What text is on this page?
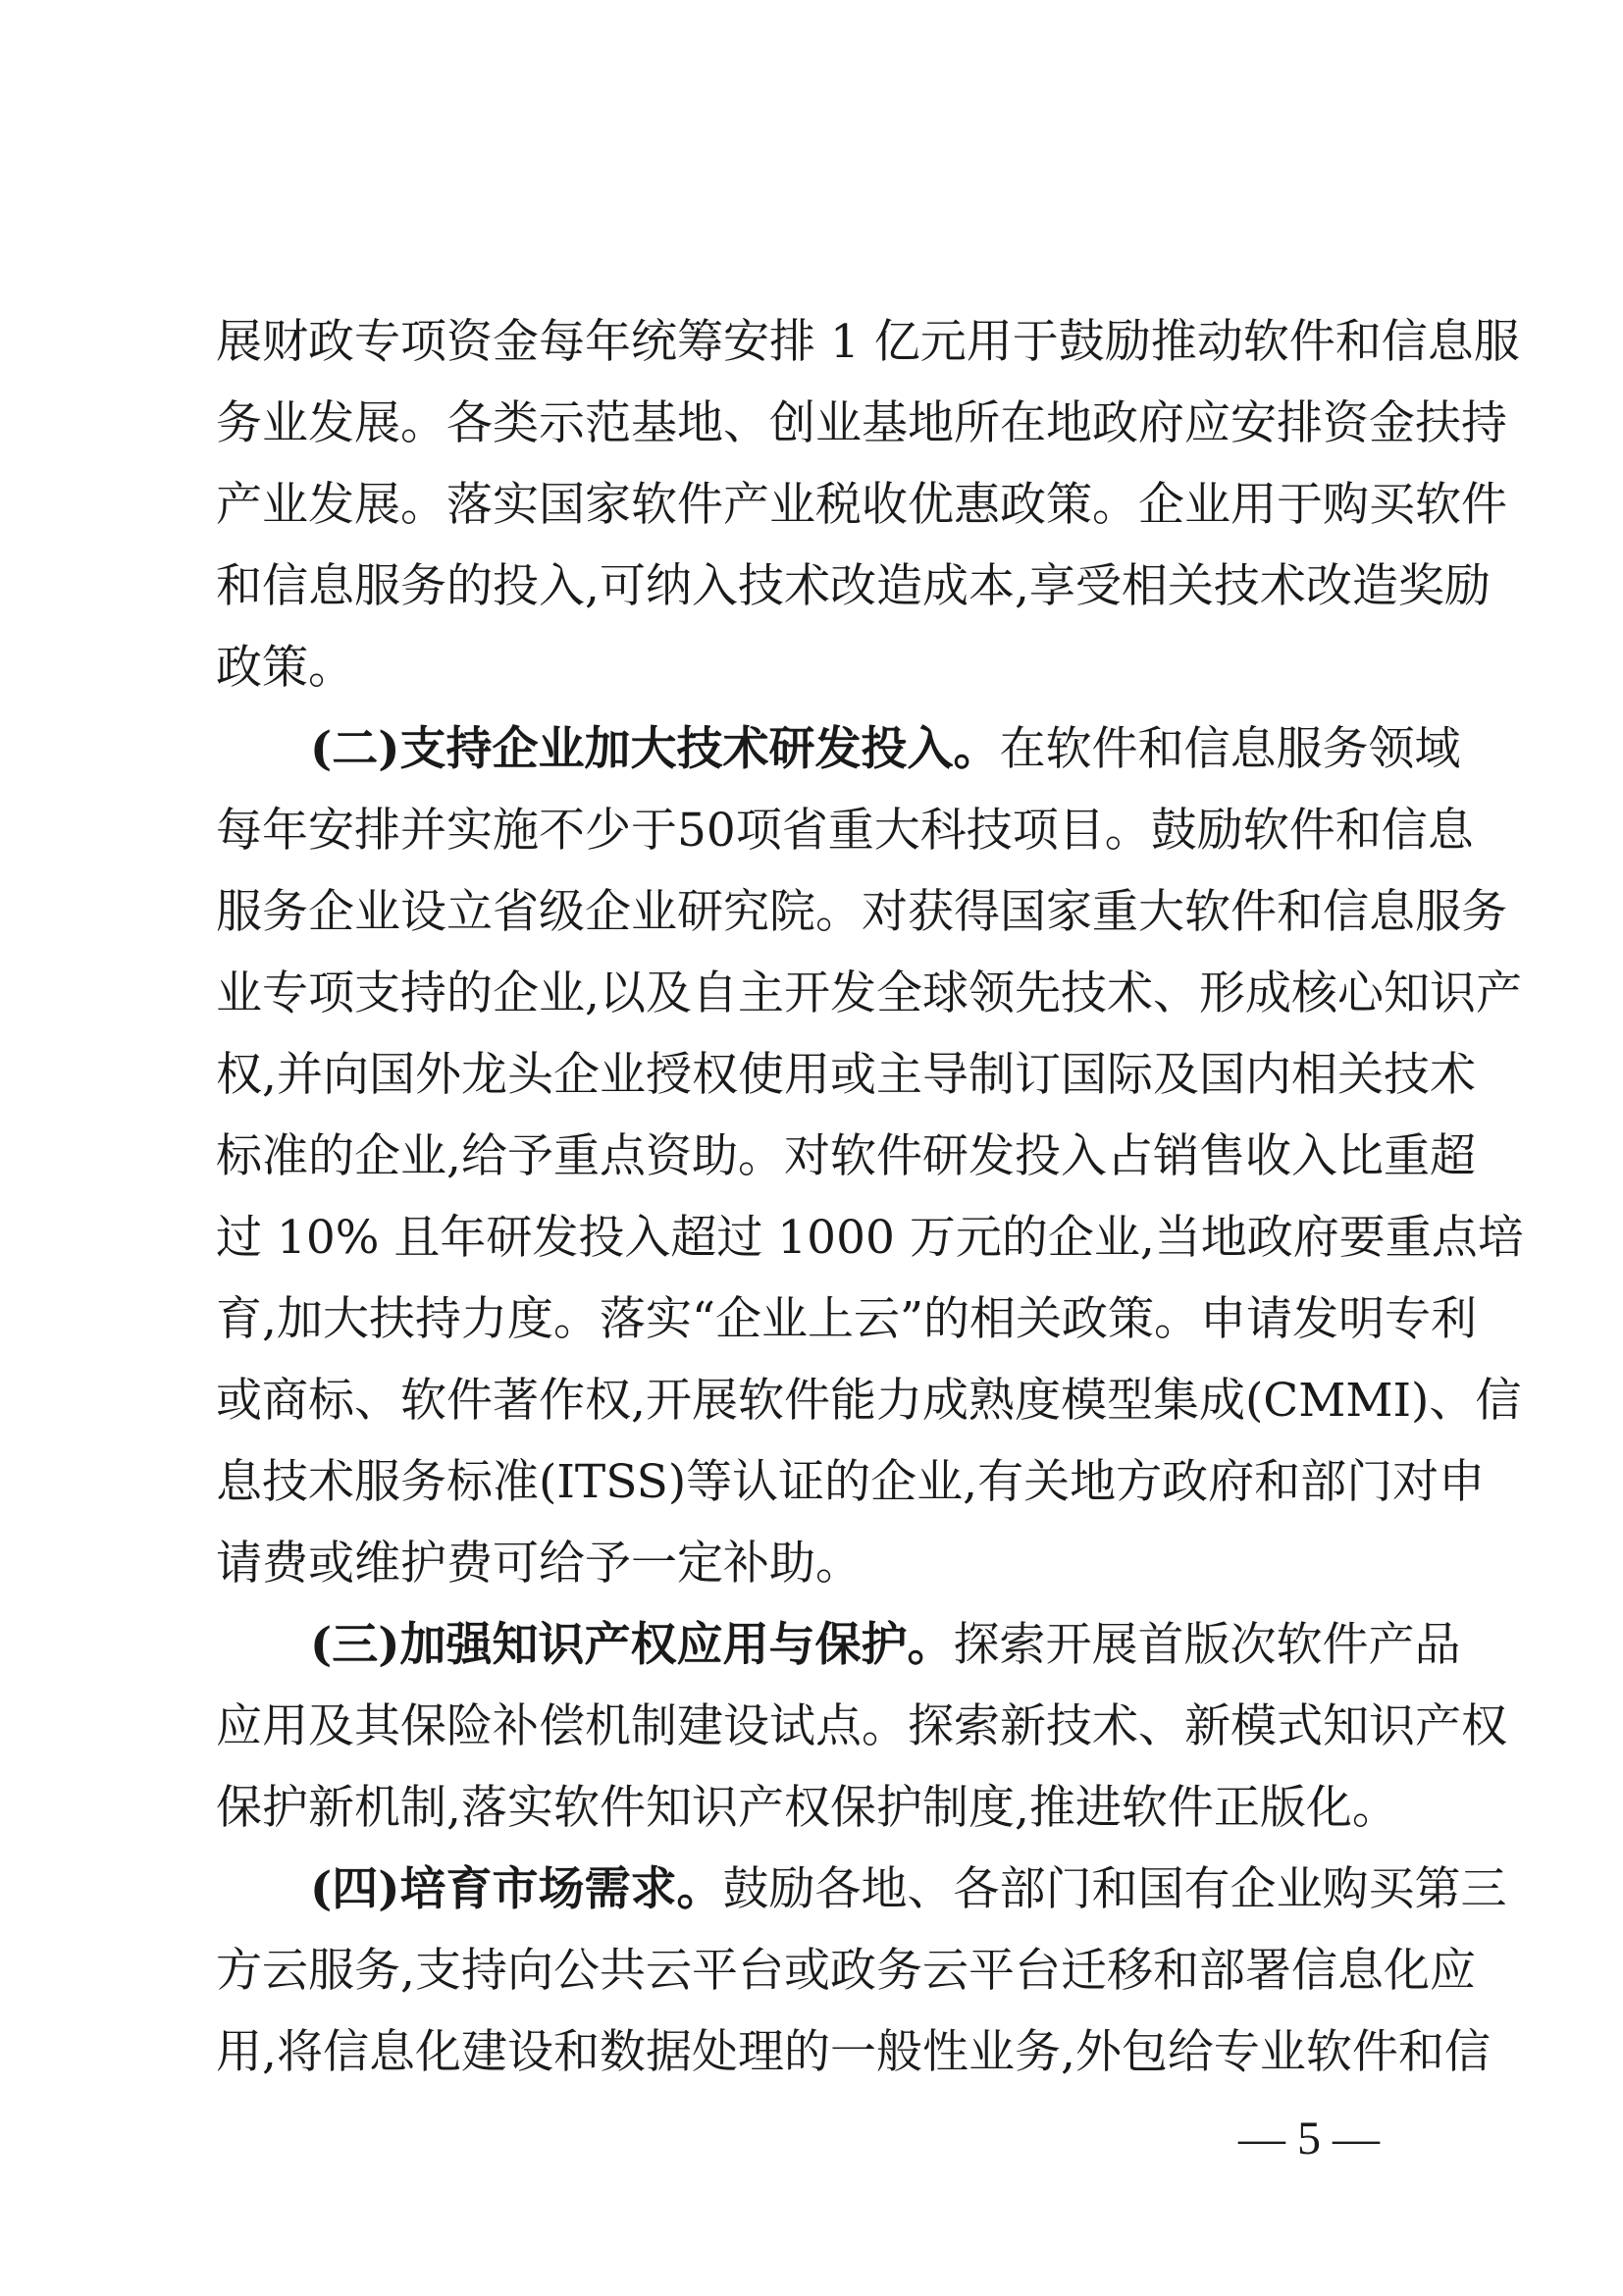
展财政专项资金每年统筹安排 1 亿元用于鼓励推动软件和信息服
务业发展。各类示范基地、创业基地所在地政府应安排资金扶持
产业发展。落实国家软件产业税收优惠政策。企业用于购买软件
和信息服务的投入,可纳入技术改造成本,享受相关技术改造奖励
政策。
(二)支持企业加大技术研发投入。在软件和信息服务领域
每年安排并实施不少于50项省重大科技项目。鼓励软件和信息
服务企业设立省级企业研究院。对获得国家重大软件和信息服务
业专项支持的企业,以及自主开发全球领先技术、形成核心知识产
权,并向国外龙头企业授权使用或主导制订国际及国内相关技术
标准的企业,给予重点资助。对软件研发投入占销售收入比重超
过 10% 且年研发投入超过 1000 万元的企业,当地政府要重点培
育,加大扶持力度。落实“企业上云”的相关政策。申请发明专利
或商标、软件著作权,开展软件能力成熟度模型集成(CMMI)、信
息技术服务标准(ITSS)等认证的企业,有关地方政府和部门对申
请费或维护费可给予一定补助。
(三)加强知识产权应用与保护。探索开展首版次软件产品
应用及其保险补偿机制建设试点。探索新技术、新模式知识产权
保护新机制,落实软件知识产权保护制度,推进软件正版化。
(四)培育市场需求。鼓励各地、各部门和国有企业购买第三
方云服务,支持向公共云平台或政务云平台迁移和部署信息化应
用,将信息化建设和数据处理的一般性业务,外包给专业软件和信
— 5 —
